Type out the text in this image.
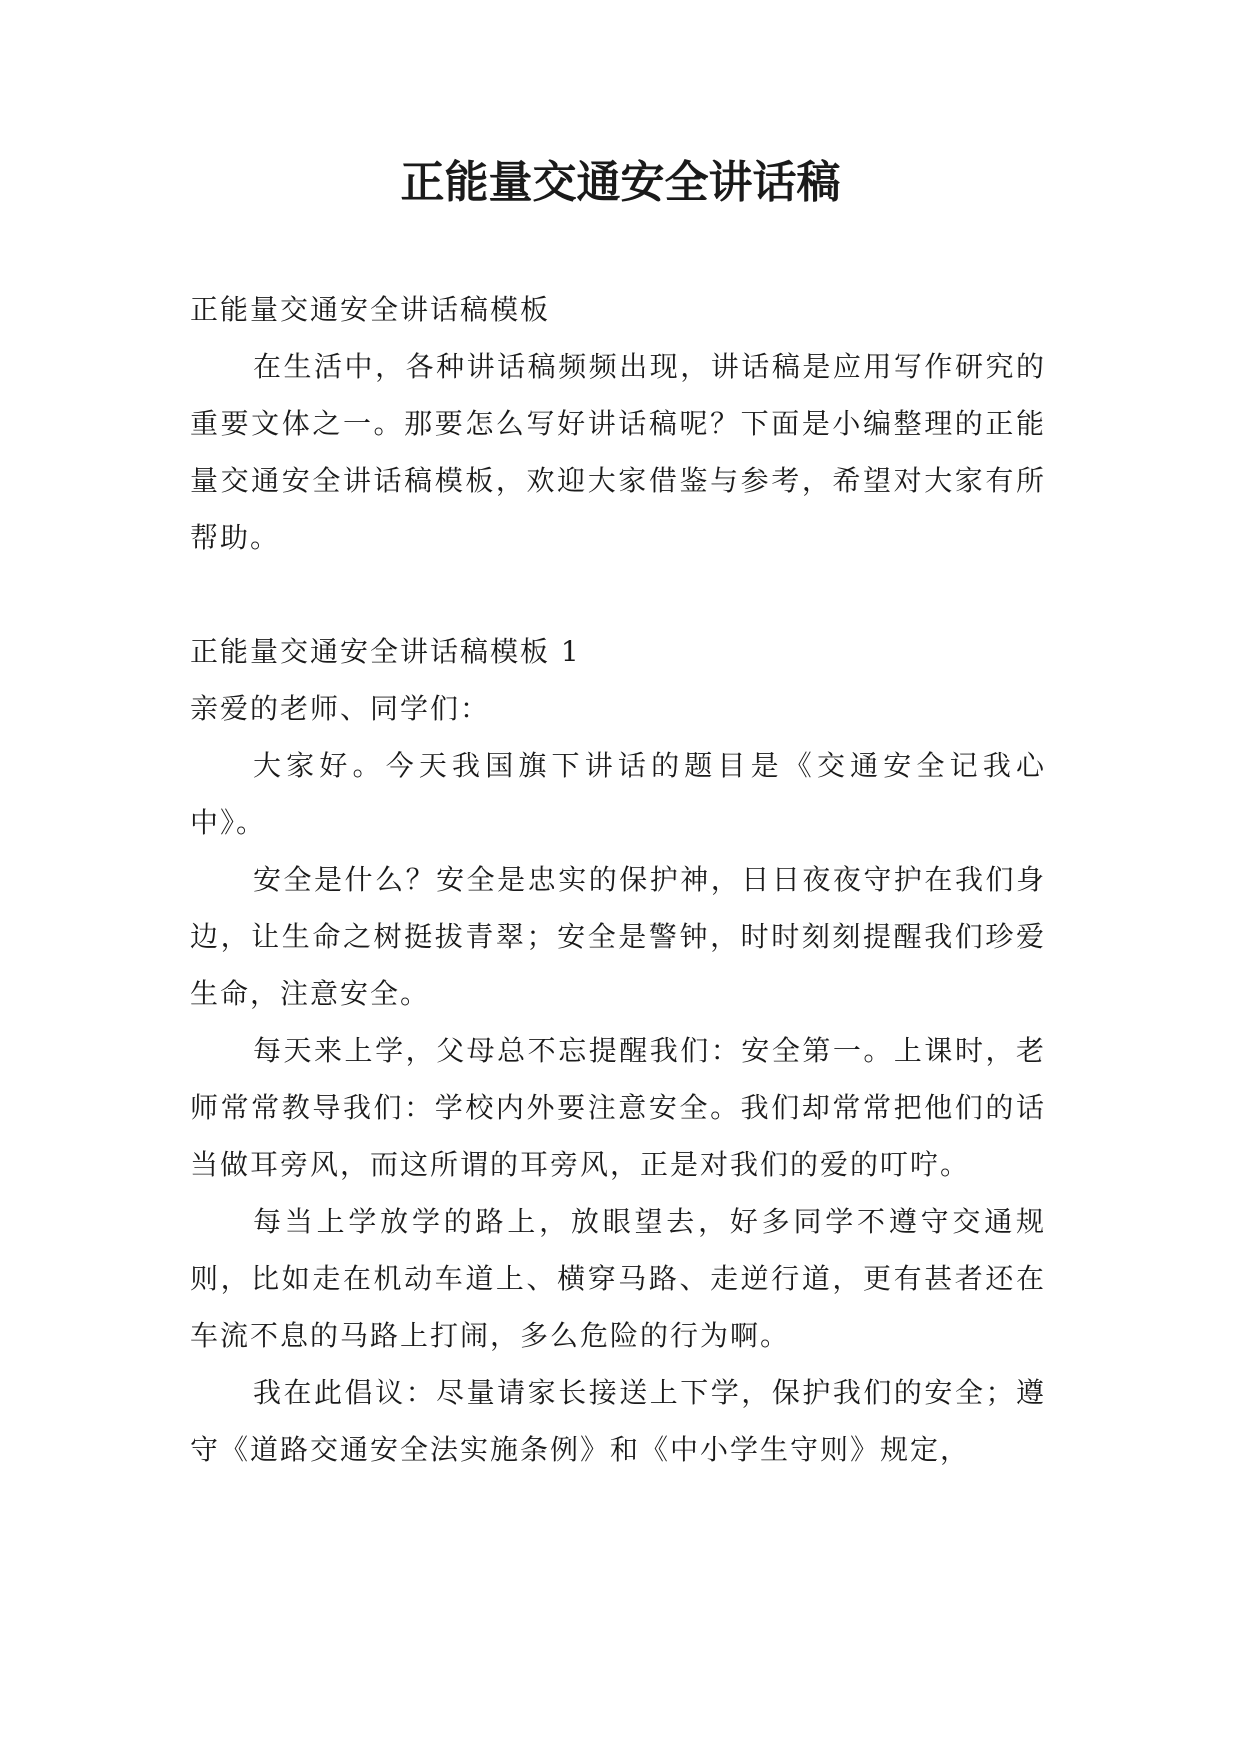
正能量交通安全讲话稿

正能量交通安全讲话稿模板

在生活中，各种讲话稿频频出现，讲话稿是应用写作研究的重要文体之一。那要怎么写好讲话稿呢？下面是小编整理的正能量交通安全讲话稿模板，欢迎大家借鉴与参考，希望对大家有所帮助。

正能量交通安全讲话稿模板 1

亲爱的老师、同学们：

大家好。今天我国旗下讲话的题目是《交通安全记我心中》。

安全是什么？安全是忠实的保护神，日日夜夜守护在我们身边，让生命之树挺拔青翠；安全是警钟，时时刻刻提醒我们珍爱生命，注意安全。

每天来上学，父母总不忘提醒我们：安全第一。上课时，老师常常教导我们：学校内外要注意安全。我们却常常把他们的话当做耳旁风，而这所谓的耳旁风，正是对我们的爱的叮咛。

每当上学放学的路上，放眼望去，好多同学不遵守交通规则，比如走在机动车道上、横穿马路、走逆行道，更有甚者还在车流不息的马路上打闹，多么危险的行为啊。

我在此倡议：尽量请家长接送上下学，保护我们的安全；遵守《道路交通安全法实施条例》和《中小学生守则》规定，
